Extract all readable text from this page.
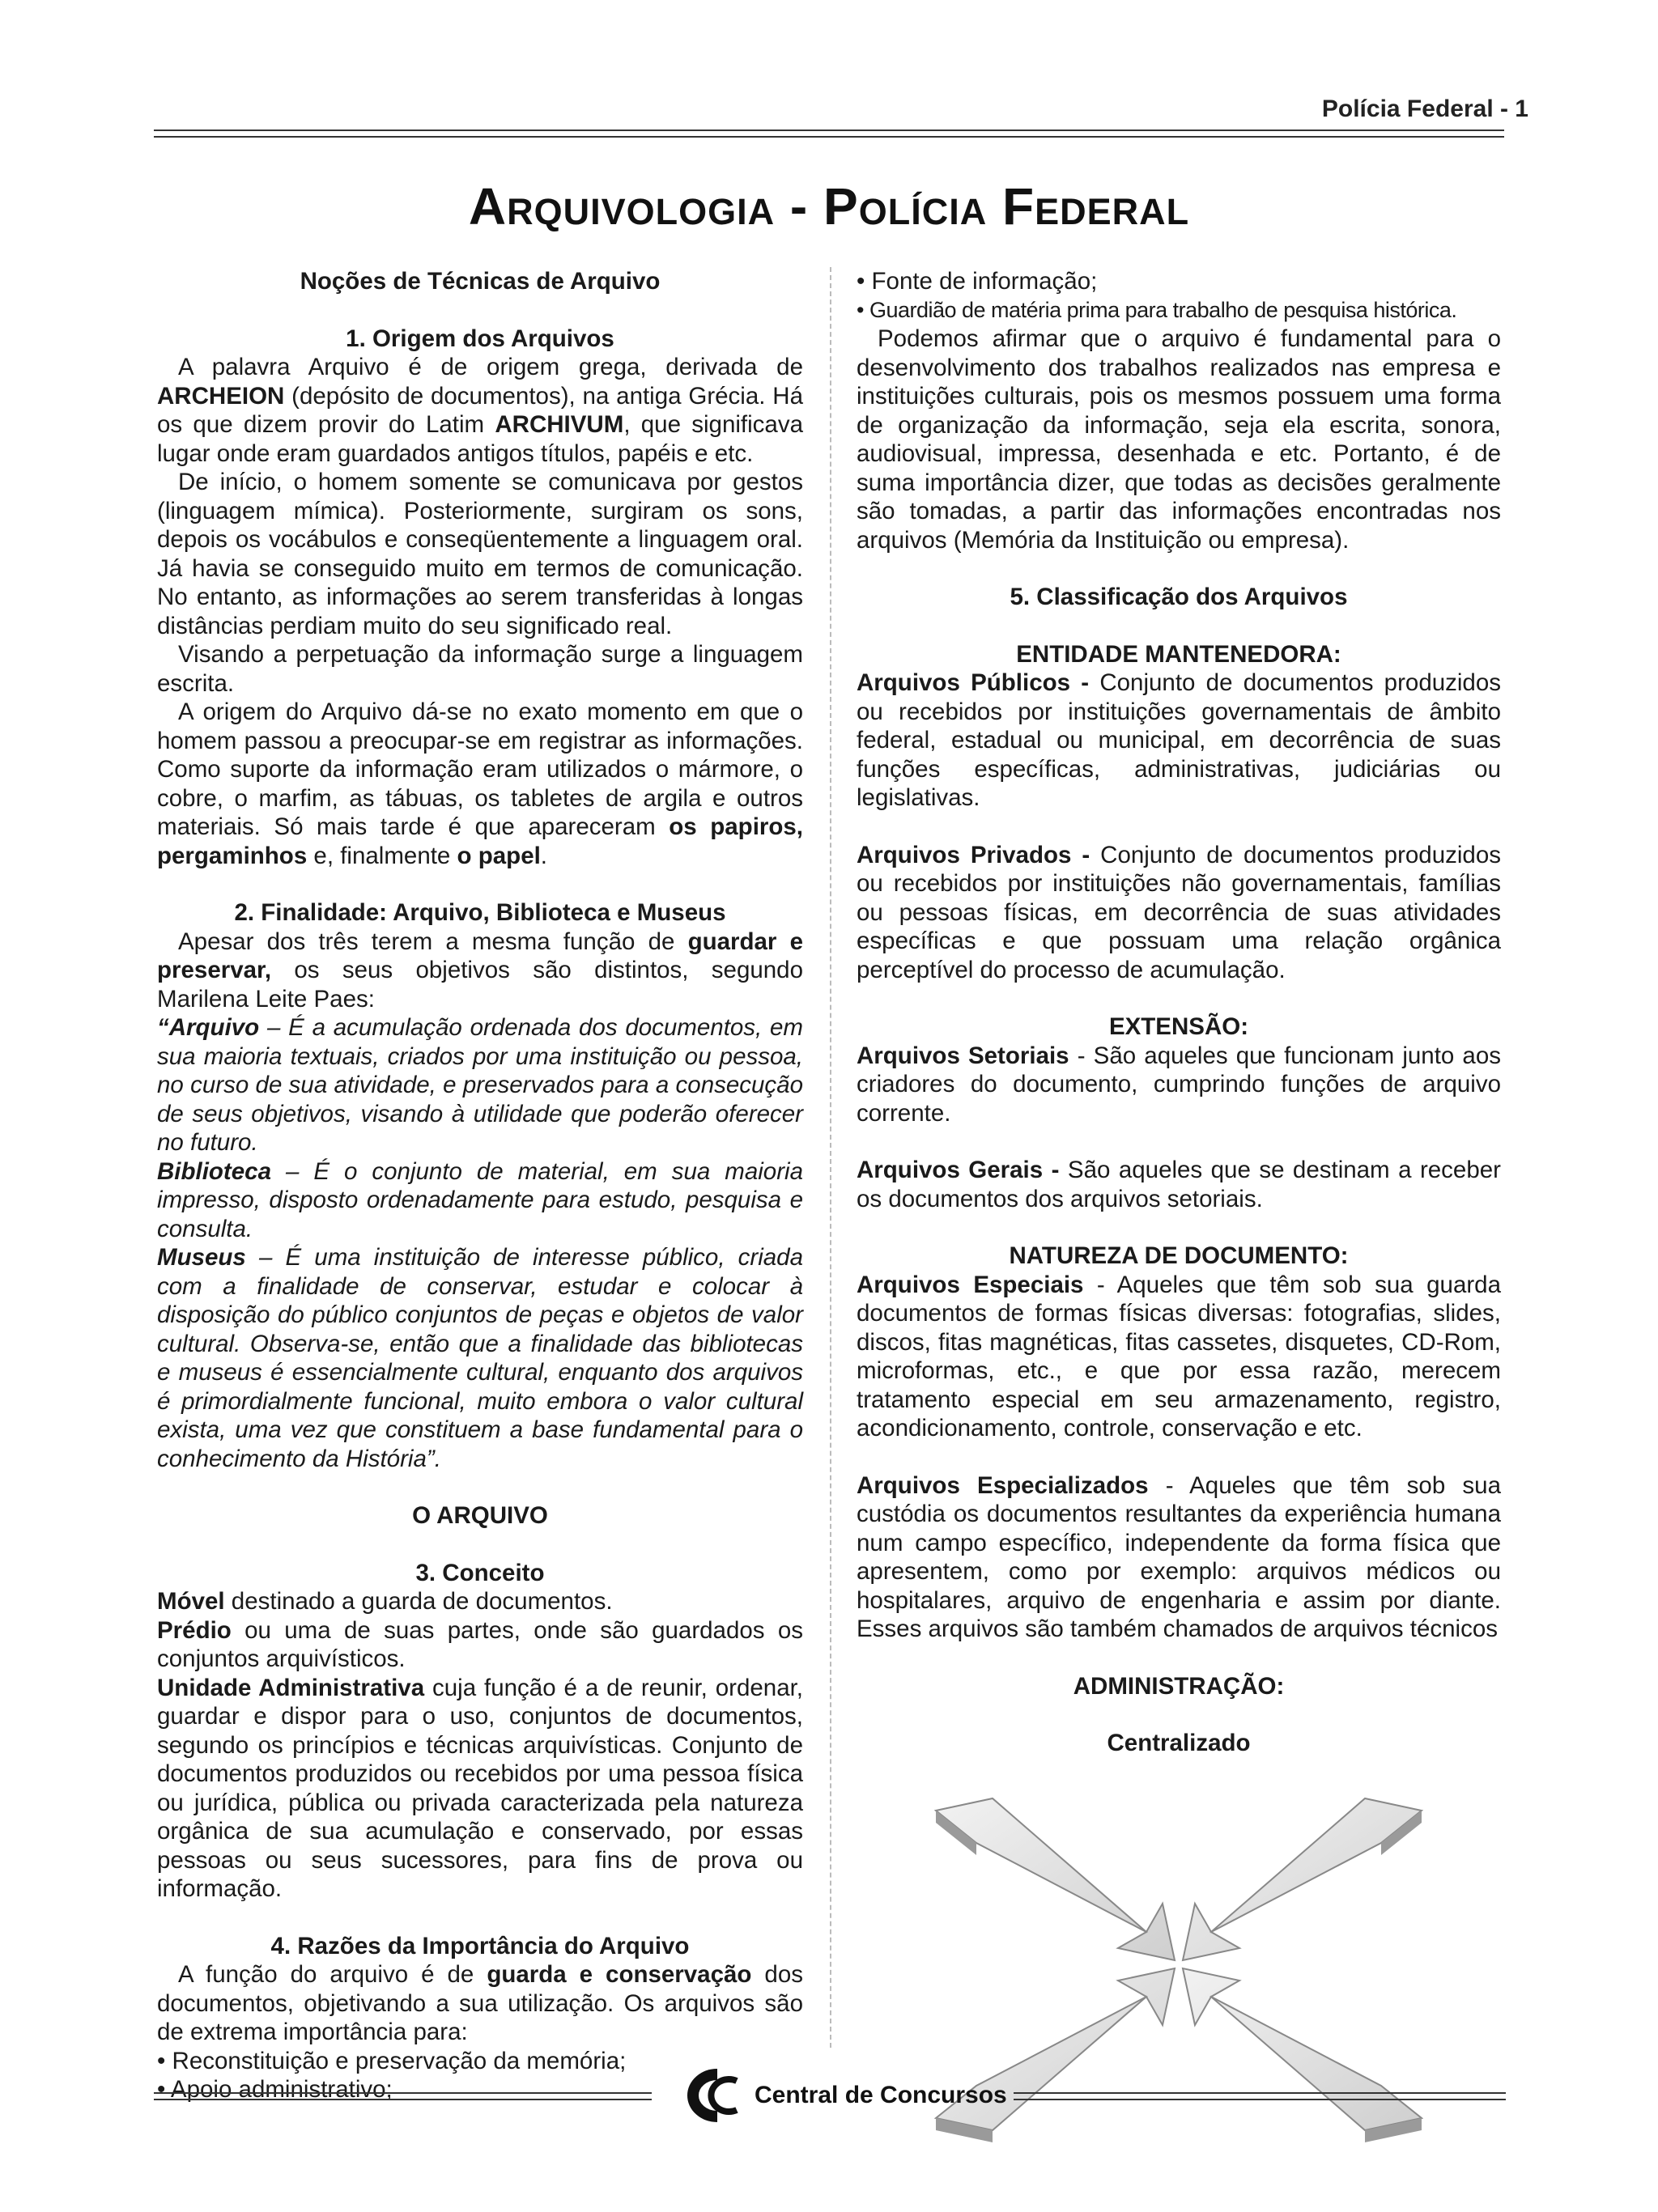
Polícia Federal - 1
Arquivologia - Polícia Federal

Noções de Técnicas de Arquivo

1. Origem dos Arquivos

A palavra Arquivo é de origem grega, derivada de ARCHEION (depósito de documentos), na antiga Grécia. Há os que dizem provir do Latim ARCHIVUM, que significava lugar onde eram guardados antigos títulos, papéis e etc.

De início, o homem somente se comunicava por gestos (linguagem mímica). Posteriormente, surgiram os sons, depois os vocábulos e conseqüentemente a linguagem oral. Já havia se conseguido muito em termos de comunicação. No entanto, as informações ao serem transferidas à longas distâncias perdiam muito do seu significado real.

Visando a perpetuação da informação surge a linguagem escrita.

A origem do Arquivo dá-se no exato momento em que o homem passou a preocupar-se em registrar as informações. Como suporte da informação eram utilizados o mármore, o cobre, o marfim, as tábuas, os tabletes de argila e outros materiais. Só mais tarde é que apareceram os papiros, pergaminhos e, finalmente o papel.

2. Finalidade: Arquivo, Biblioteca e Museus

Apesar dos três terem a mesma função de guardar e preservar, os seus objetivos são distintos, segundo Marilena Leite Paes:

“Arquivo – É a acumulação ordenada dos documentos, em sua maioria textuais, criados por uma instituição ou pessoa, no curso de sua atividade, e preservados para a consecução de seus objetivos, visando à utilidade que poderão oferecer no futuro.

Biblioteca – É o conjunto de material, em sua maioria impresso, disposto ordenadamente para estudo, pesquisa e consulta.

Museus – É uma instituição de interesse público, criada com a finalidade de conservar, estudar e colocar à disposição do público conjuntos de peças e objetos de valor cultural. Observa-se, então que a finalidade das bibliotecas e museus é essencialmente cultural, enquanto dos arquivos é primordialmente funcional, muito embora o valor cultural exista, uma vez que constituem a base fundamental para o conhecimento da História”.

O ARQUIVO

3. Conceito

Móvel destinado a guarda de documentos.

Prédio ou uma de suas partes, onde são guardados os conjuntos arquivísticos.

Unidade Administrativa cuja função é a de reunir, ordenar, guardar e dispor para o uso, conjuntos de documentos, segundo os princípios e técnicas arquivísticas. Conjunto de documentos produzidos ou recebidos por uma pessoa física ou jurídica, pública ou privada caracterizada pela natureza orgânica de sua acumulação e conservado, por essas pessoas ou seus sucessores, para fins de prova ou informação.

4. Razões da Importância do Arquivo

A função do arquivo é de guarda e conservação dos documentos, objetivando a sua utilização. Os arquivos são de extrema importância para:

• Reconstituição e preservação da memória;

• Apoio administrativo;

• Fonte de informação;

• Guardião de matéria prima para trabalho de pesquisa histórica.

Podemos afirmar que o arquivo é fundamental para o desenvolvimento dos trabalhos realizados nas empresa e instituições culturais, pois os mesmos possuem uma forma de organização da informação, seja ela escrita, sonora, audiovisual, impressa, desenhada e etc. Portanto, é de suma importância dizer, que todas as decisões geralmente são tomadas, a partir das informações encontradas nos arquivos (Memória da Instituição ou empresa).

5. Classificação dos Arquivos

ENTIDADE MANTENEDORA:

Arquivos Públicos - Conjunto de documentos produzidos ou recebidos por instituições governamentais de âmbito federal, estadual ou municipal, em decorrência de suas funções específicas, administrativas, judiciárias ou legislativas.

Arquivos Privados - Conjunto de documentos produzidos ou recebidos por instituições não governamentais, famílias ou pessoas físicas, em decorrência de suas atividades específicas e que possuam uma relação orgânica perceptível do processo de acumulação.

EXTENSÃO:

Arquivos Setoriais - São aqueles que funcionam junto aos criadores do documento, cumprindo funções de arquivo corrente.

Arquivos Gerais - São aqueles que se destinam a receber os documentos dos arquivos setoriais.

NATUREZA DE DOCUMENTO:

Arquivos Especiais - Aqueles que têm sob sua guarda documentos de formas físicas diversas: fotografias, slides, discos, fitas magnéticas, fitas cassetes, disquetes, CD-Rom, microformas, etc., e que por essa razão, merecem tratamento especial em seu armazenamento, registro, acondicionamento, controle, conservação e etc.

Arquivos Especializados - Aqueles que têm sob sua custódia os documentos resultantes da experiência humana num campo específico, independente da forma física que apresentem, como por exemplo: arquivos médicos ou hospitalares, arquivo de engenharia e assim por diante. Esses arquivos são também chamados de arquivos técnicos

ADMINISTRAÇÃO:

Centralizado

Central de Concursos
